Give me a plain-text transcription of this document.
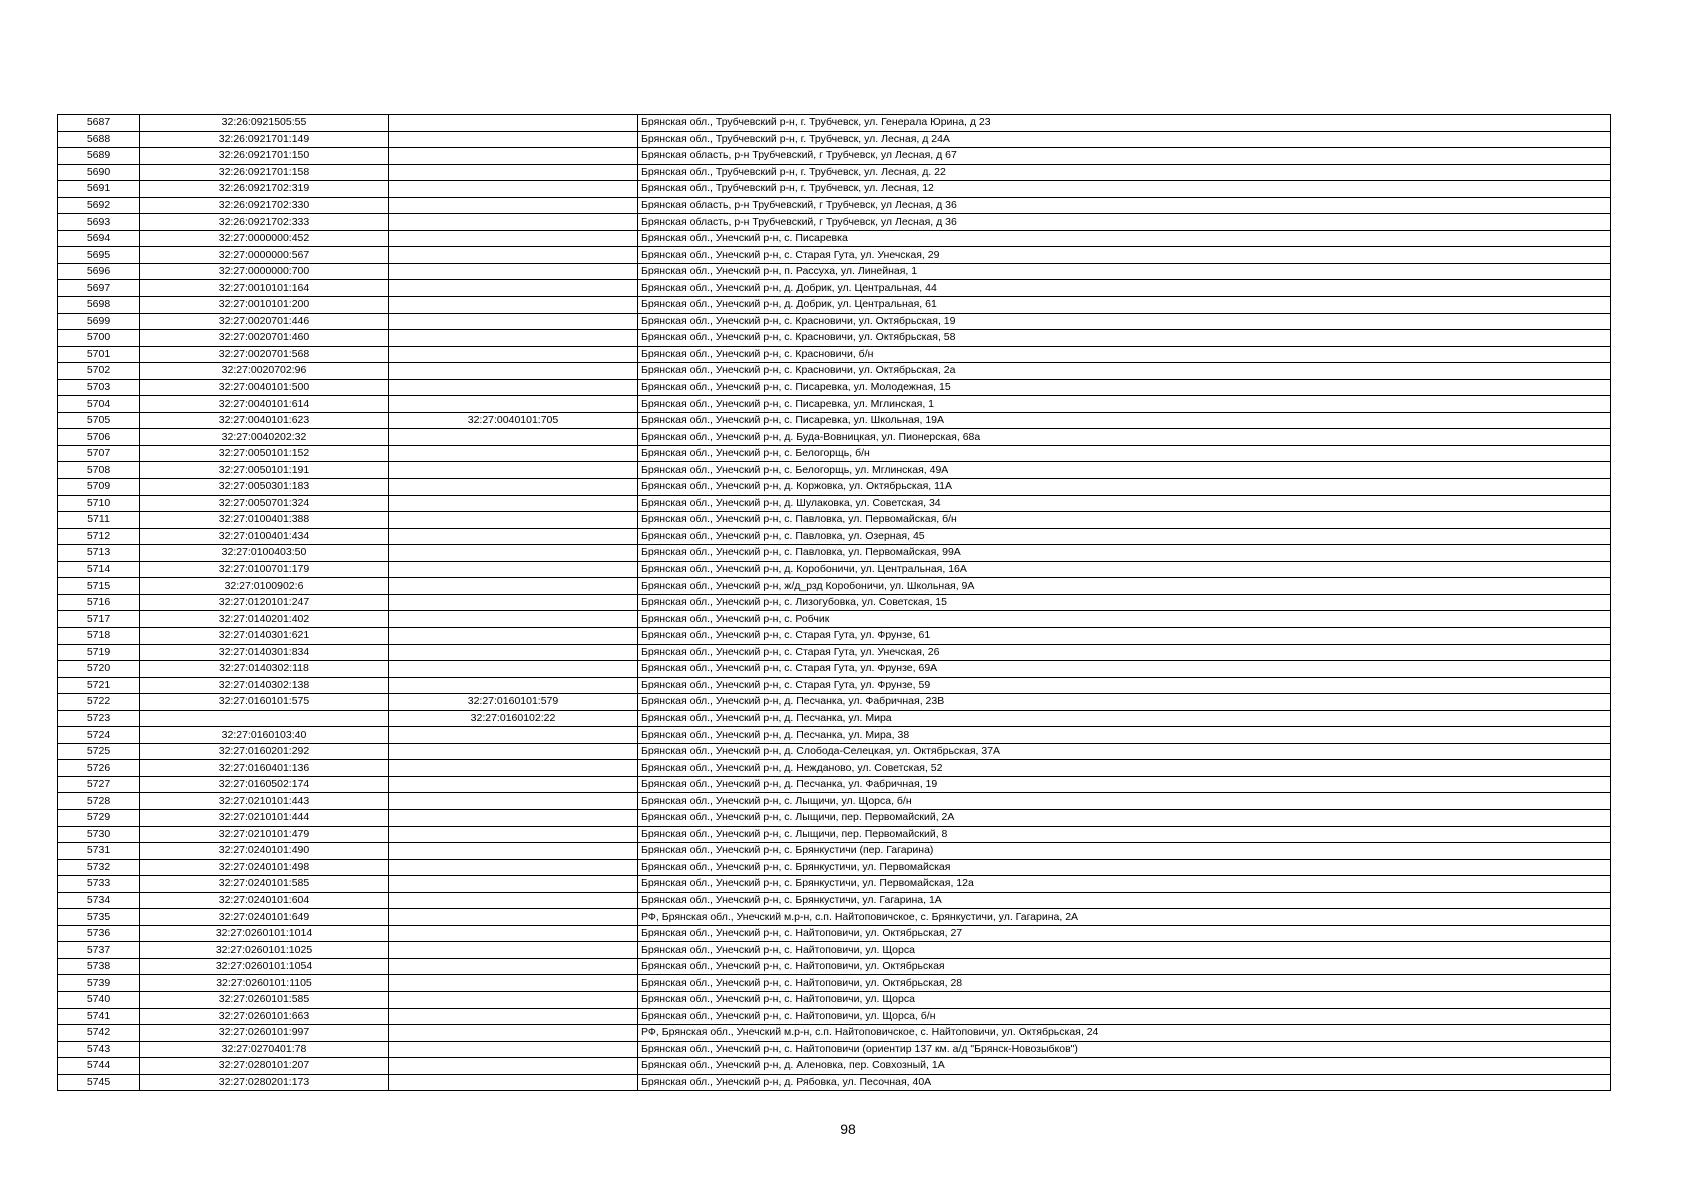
5687	32:26:0921505:55		Брянская обл., Трубчевский р-н, г. Трубчевск, ул. Генерала Юрина, д 23
5688	32:26:0921701:149		Брянская обл., Трубчевский р-н, г. Трубчевск, ул. Лесная, д 24А
5689	32:26:0921701:150		Брянская область, р-н Трубчевский, г Трубчевск, ул Лесная, д 67
5690	32:26:0921701:158		Брянская обл., Трубчевский р-н, г. Трубчевск, ул. Лесная, д. 22
5691	32:26:0921702:319		Брянская обл., Трубчевский р-н, г. Трубчевск, ул. Лесная, 12
5692	32:26:0921702:330		Брянская область, р-н Трубчевский, г Трубчевск, ул Лесная, д 36
5693	32:26:0921702:333		Брянская область, р-н Трубчевский, г Трубчевск, ул Лесная, д 36
5694	32:27:0000000:452		Брянская обл., Унечский р-н, с. Писаревка
5695	32:27:0000000:567		Брянская обл., Унечский р-н, с. Старая Гута, ул. Унечская, 29
5696	32:27:0000000:700		Брянская обл., Унечский р-н, п. Рассуха, ул. Линейная, 1
5697	32:27:0010101:164		Брянская обл., Унечский р-н, д. Добрик, ул. Центральная, 44
5698	32:27:0010101:200		Брянская обл., Унечский р-н, д. Добрик, ул. Центральная, 61
5699	32:27:0020701:446		Брянская обл., Унечский р-н, с. Красновичи, ул. Октябрьская, 19
5700	32:27:0020701:460		Брянская обл., Унечский р-н, с. Красновичи, ул. Октябрьская, 58
5701	32:27:0020701:568		Брянская обл., Унечский р-н, с. Красновичи, б/н
5702	32:27:0020702:96		Брянская обл., Унечский р-н, с. Красновичи, ул. Октябрьская, 2а
5703	32:27:0040101:500		Брянская обл., Унечский р-н, с. Писаревка, ул. Молодежная, 15
5704	32:27:0040101:614		Брянская обл., Унечский р-н, с. Писаревка, ул. Мглинская, 1
5705	32:27:0040101:623	32:27:0040101:705	Брянская обл., Унечский р-н, с. Писаревка, ул. Школьная, 19А
5706	32:27:0040202:32		Брянская обл., Унечский р-н, д. Буда-Вовницкая, ул. Пионерская, 68а
5707	32:27:0050101:152		Брянская обл., Унечский р-н, с. Белогорщь, б/н
5708	32:27:0050101:191		Брянская обл., Унечский р-н, с. Белогорщь, ул. Мглинская, 49А
5709	32:27:0050301:183		Брянская обл., Унечский р-н, д. Коржовка, ул. Октябрьская, 11А
5710	32:27:0050701:324		Брянская обл., Унечский р-н, д. Шулаковка, ул. Советская, 34
5711	32:27:0100401:388		Брянская обл., Унечский р-н, с. Павловка, ул. Первомайская, б/н
5712	32:27:0100401:434		Брянская обл., Унечский р-н, с. Павловка, ул. Озерная, 45
5713	32:27:0100403:50		Брянская обл., Унечский р-н, с. Павловка, ул. Первомайская, 99А
5714	32:27:0100701:179		Брянская обл., Унечский р-н, д. Коробоничи, ул. Центральная, 16А
5715	32:27:0100902:6		Брянская обл., Унечский р-н, ж/д_рзд Коробоничи, ул. Школьная, 9А
5716	32:27:0120101:247		Брянская обл., Унечский р-н, с. Лизогубовка, ул. Советская, 15
5717	32:27:0140201:402		Брянская обл., Унечский р-н, с. Робчик
5718	32:27:0140301:621		Брянская обл., Унечский р-н, с. Старая Гута, ул. Фрунзе, 61
5719	32:27:0140301:834		Брянская обл., Унечский р-н, с. Старая Гута, ул. Унечская, 26
5720	32:27:0140302:118		Брянская обл., Унечский р-н, с. Старая Гута, ул. Фрунзе, 69А
5721	32:27:0140302:138		Брянская обл., Унечский р-н, с. Старая Гута, ул. Фрунзе, 59
5722	32:27:0160101:575	32:27:0160101:579	Брянская обл., Унечский р-н, д. Песчанка, ул. Фабричная, 23В
5723		32:27:0160102:22	Брянская обл., Унечский р-н, д. Песчанка, ул. Мира
5724	32:27:0160103:40		Брянская обл., Унечский р-н, д. Песчанка, ул. Мира, 38
5725	32:27:0160201:292		Брянская обл., Унечский р-н, д. Слобода-Селецкая, ул. Октябрьская, 37А
5726	32:27:0160401:136		Брянская обл., Унечский р-н, д. Нежданово, ул. Советская, 52
5727	32:27:0160502:174		Брянская обл., Унечский р-н, д. Песчанка, ул. Фабричная, 19
5728	32:27:0210101:443		Брянская обл., Унечский р-н, с. Лыщичи, ул. Щорса, б/н
5729	32:27:0210101:444		Брянская обл., Унечский р-н, с. Лыщичи, пер. Первомайский, 2А
5730	32:27:0210101:479		Брянская обл., Унечский р-н, с. Лыщичи, пер. Первомайский, 8
5731	32:27:0240101:490		Брянская обл., Унечский р-н, с. Брянкустичи (пер. Гагарина)
5732	32:27:0240101:498		Брянская обл., Унечский р-н, с. Брянкустичи, ул. Первомайская
5733	32:27:0240101:585		Брянская обл., Унечский р-н, с. Брянкустичи, ул. Первомайская, 12а
5734	32:27:0240101:604		Брянская обл., Унечский р-н, с. Брянкустичи, ул. Гагарина, 1А
5735	32:27:0240101:649		РФ, Брянская обл., Унечский м.р-н, с.п. Найтоповичское, с. Брянкустичи, ул. Гагарина, 2А
5736	32:27:0260101:1014		Брянская обл., Унечский р-н, с. Найтоповичи, ул. Октябрьская, 27
5737	32:27:0260101:1025		Брянская обл., Унечский р-н, с. Найтоповичи, ул. Щорса
5738	32:27:0260101:1054		Брянская обл., Унечский р-н, с. Найтоповичи, ул. Октябрьская
5739	32:27:0260101:1105		Брянская обл., Унечский р-н, с. Найтоповичи, ул. Октябрьская, 28
5740	32:27:0260101:585		Брянская обл., Унечский р-н, с. Найтоповичи, ул. Щорса
5741	32:27:0260101:663		Брянская обл., Унечский р-н, с. Найтоповичи, ул. Щорса, б/н
5742	32:27:0260101:997		РФ, Брянская обл., Унечский м.р-н, с.п. Найтоповичское, с. Найтоповичи, ул. Октябрьская, 24
5743	32:27:0270401:78		Брянская обл., Унечский р-н, с. Найтоповичи (ориентир 137 км. а/д "Брянск-Новозыбков")
5744	32:27:0280101:207		Брянская обл., Унечский р-н, д. Аленовка, пер. Совхозный, 1А
5745	32:27:0280201:173		Брянская обл., Унечский р-н, д. Рябовка, ул. Песочная, 40А
98
